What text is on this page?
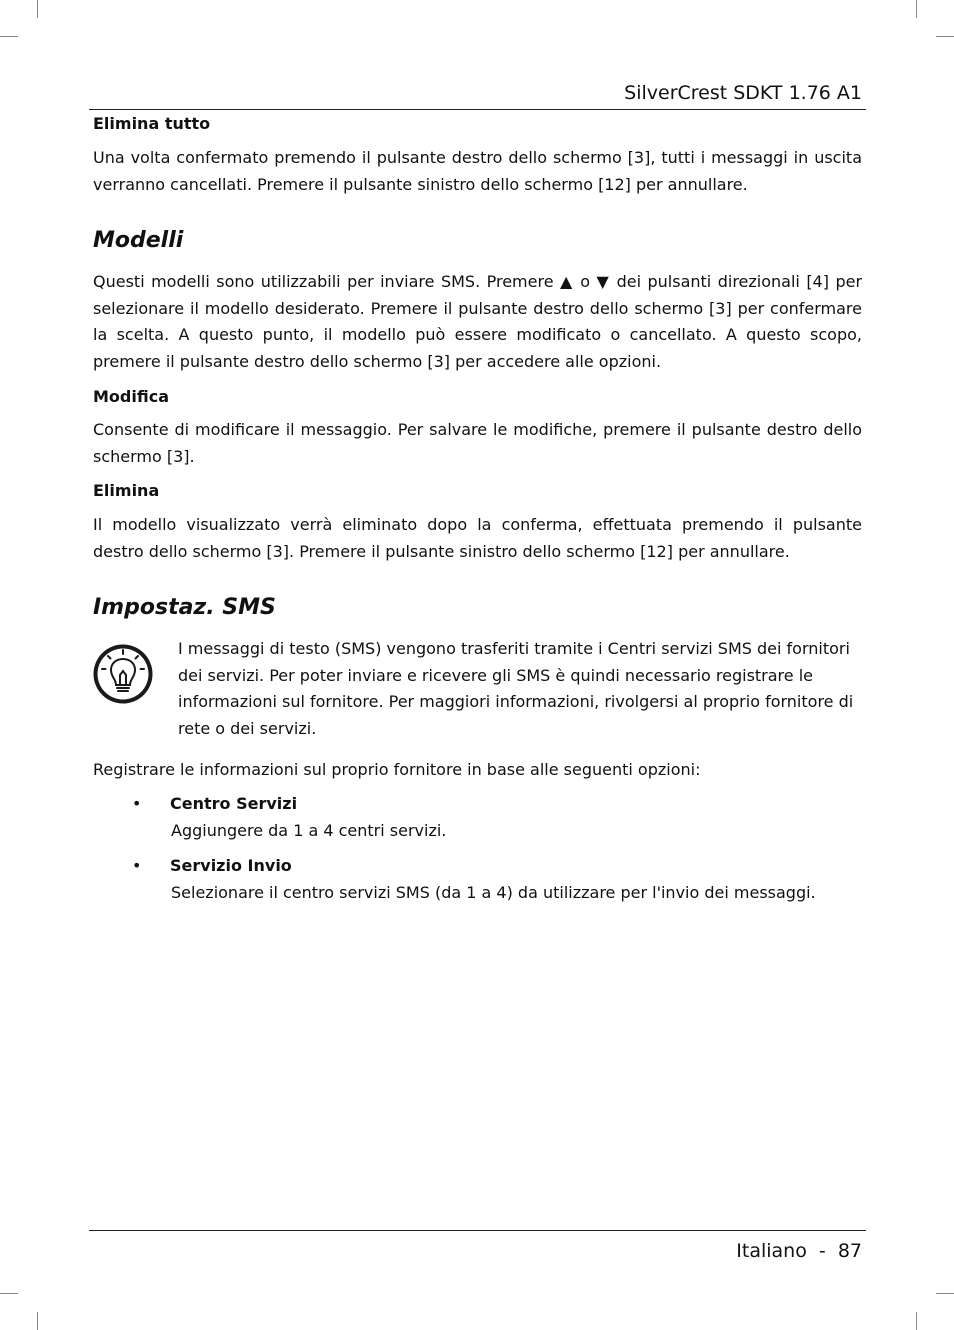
SilverCrest SDKT 1.76 A1
Elimina tutto
Una volta confermato premendo il pulsante destro dello schermo [3], tutti i messaggi in uscita verranno cancellati. Premere il pulsante sinistro dello schermo [12] per annullare.
Modelli
Questi modelli sono utilizzabili per inviare SMS. Premere ▲ o ▼ dei pulsanti direzionali [4] per selezionare il modello desiderato. Premere il pulsante destro dello schermo [3] per confermare la scelta. A questo punto, il modello può essere modificato o cancellato. A questo scopo, premere il pulsante destro dello schermo [3] per accedere alle opzioni.
Modifica
Consente di modificare il messaggio. Per salvare le modifiche, premere il pulsante destro dello schermo [3].
Elimina
Il modello visualizzato verrà eliminato dopo la conferma, effettuata premendo il pulsante destro dello schermo [3]. Premere il pulsante sinistro dello schermo [12] per annullare.
Impostaz. SMS
I messaggi di testo (SMS) vengono trasferiti tramite i Centri servizi SMS dei fornitori dei servizi. Per poter inviare e ricevere gli SMS è quindi necessario registrare le informazioni sul fornitore. Per maggiori informazioni, rivolgersi al proprio fornitore di rete o dei servizi.
Registrare le informazioni sul proprio fornitore in base alle seguenti opzioni:
• Centro Servizi
Aggiungere da 1 a 4 centri servizi.
• Servizio Invio
Selezionare il centro servizi SMS (da 1 a 4) da utilizzare per l'invio dei messaggi.
Italiano - 87
